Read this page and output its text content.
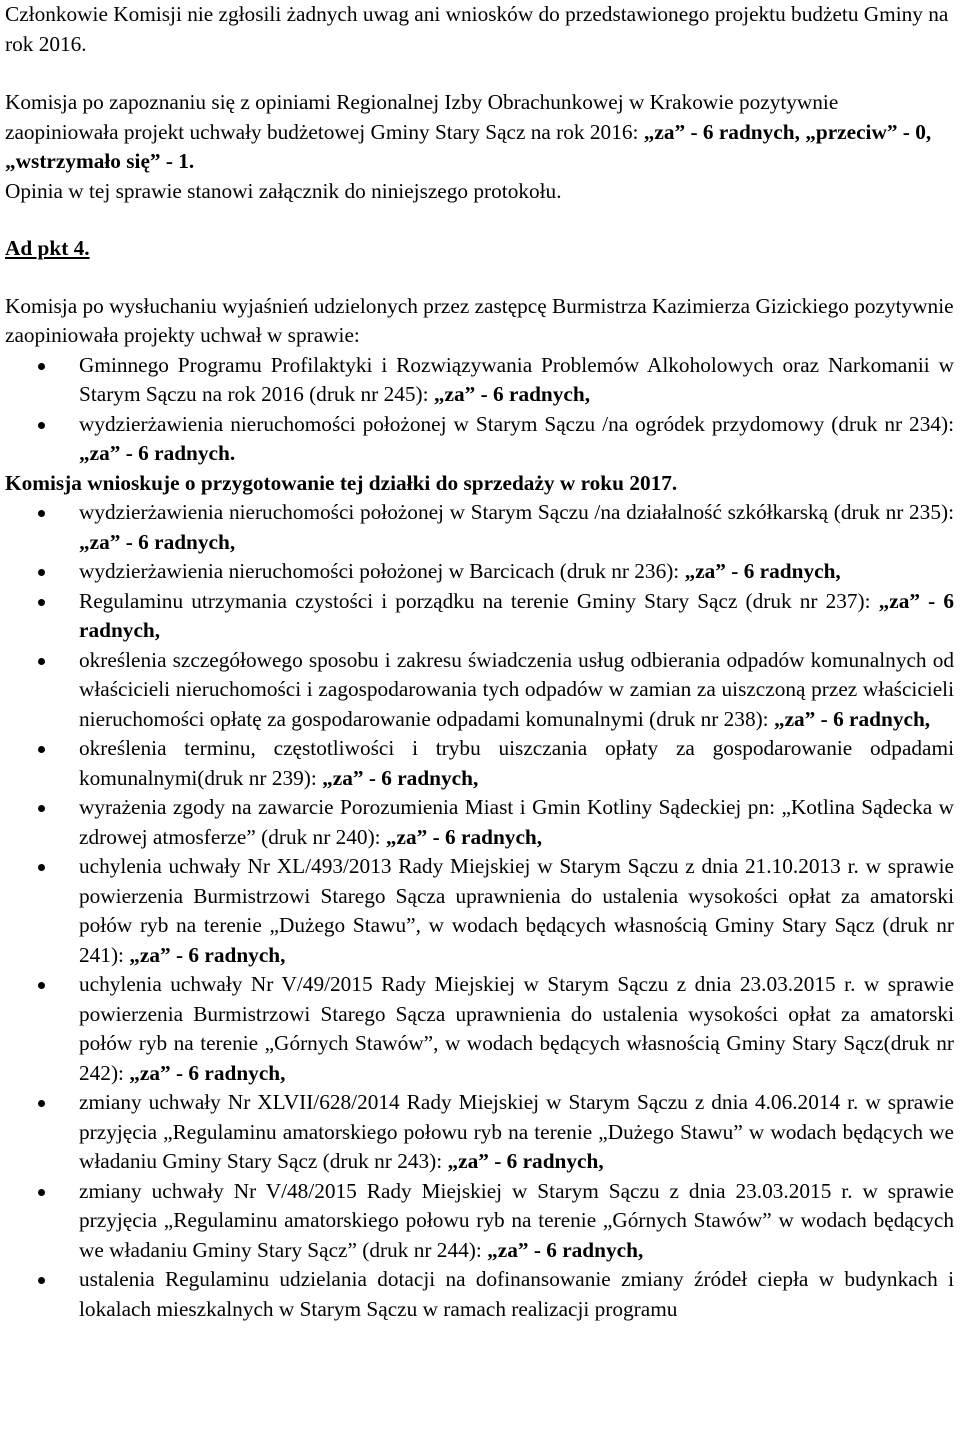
Członkowie Komisji nie zgłosili żadnych uwag ani wniosków do przedstawionego projektu budżetu Gminy na rok 2016.

Komisja po zapoznaniu się z opiniami Regionalnej Izby Obrachunkowej w Krakowie pozytywnie zaopiniowała projekt uchwały budżetowej Gminy Stary Sącz na rok 2016: „za” - 6 radnych, „przeciw” - 0, „wstrzymało się” - 1.
Opinia w tej sprawie stanowi załącznik do niniejszego protokołu.

Ad pkt 4.

Komisja po wysłuchaniu wyjaśnień udzielonych przez zastępcę Burmistrza Kazimierza Gizickiego pozytywnie zaopiniowała projekty uchwał w sprawie:

Gminnego Programu Profilaktyki i Rozwiązywania Problemów Alkoholowych oraz Narkomanii w Starym Sączu na rok 2016 (druk nr 245): „za” - 6 radnych,
wydzierżawienia nieruchomości położonej w Starym Sączu /na ogródek przydomowy (druk nr 234): „za” - 6 radnych.

Komisja wnioskuje o przygotowanie tej działki do sprzedaży w roku 2017.

wydzierżawienia nieruchomości położonej w Starym Sączu /na działalność szkółkarską (druk nr 235): „za” - 6 radnych,
wydzierżawienia nieruchomości położonej w Barcicach (druk nr 236): „za” - 6 radnych,
Regulaminu utrzymania czystości i porządku na terenie Gminy Stary Sącz (druk nr 237): „za” - 6 radnych,
określenia szczegółowego sposobu i zakresu świadczenia usług odbierania odpadów komunalnych od właścicieli nieruchomości i zagospodarowania tych odpadów w zamian za uiszczoną przez właścicieli nieruchomości opłatę za gospodarowanie odpadami komunalnymi (druk nr 238): „za” - 6 radnych,
określenia terminu, częstotliwości i trybu uiszczania opłaty za gospodarowanie odpadami komunalnymi(druk nr 239): „za” - 6 radnych,
wyrażenia zgody na zawarcie Porozumienia Miast i Gmin Kotliny Sądeckiej pn: „Kotlina Sądecka w zdrowej atmosferze” (druk nr 240): „za” - 6 radnych,
uchylenia uchwały Nr XL/493/2013 Rady Miejskiej w Starym Sączu z dnia 21.10.2013 r. w sprawie powierzenia Burmistrzowi Starego Sącza uprawnienia do ustalenia wysokości opłat za amatorski połów ryb na terenie „Dużego Stawu”, w wodach będących własnością Gminy Stary Sącz (druk nr 241): „za” - 6 radnych,
uchylenia uchwały Nr V/49/2015 Rady Miejskiej w Starym Sączu z dnia 23.03.2015 r. w sprawie powierzenia Burmistrzowi Starego Sącza uprawnienia do ustalenia wysokości opłat za amatorski połów ryb na terenie „Górnych Stawów”, w wodach będących własnością Gminy Stary Sącz(druk nr 242): „za” - 6 radnych,
zmiany uchwały Nr XLVII/628/2014 Rady Miejskiej w Starym Sączu z dnia 4.06.2014 r. w sprawie przyjęcia „Regulaminu amatorskiego połowu ryb na terenie „Dużego Stawu” w wodach będących we władaniu Gminy Stary Sącz (druk nr 243): „za” - 6 radnych,
zmiany uchwały Nr V/48/2015 Rady Miejskiej w Starym Sączu z dnia 23.03.2015 r. w sprawie przyjęcia „Regulaminu amatorskiego połowu ryb na terenie „Górnych Stawów” w wodach będących we władaniu Gminy Stary Sącz” (druk nr 244): „za” - 6 radnych,
ustalenia Regulaminu udzielania dotacji na dofinansowanie zmiany źródeł ciepła w budynkach i lokalach mieszkalnych w Starym Sączu w ramach realizacji programu
